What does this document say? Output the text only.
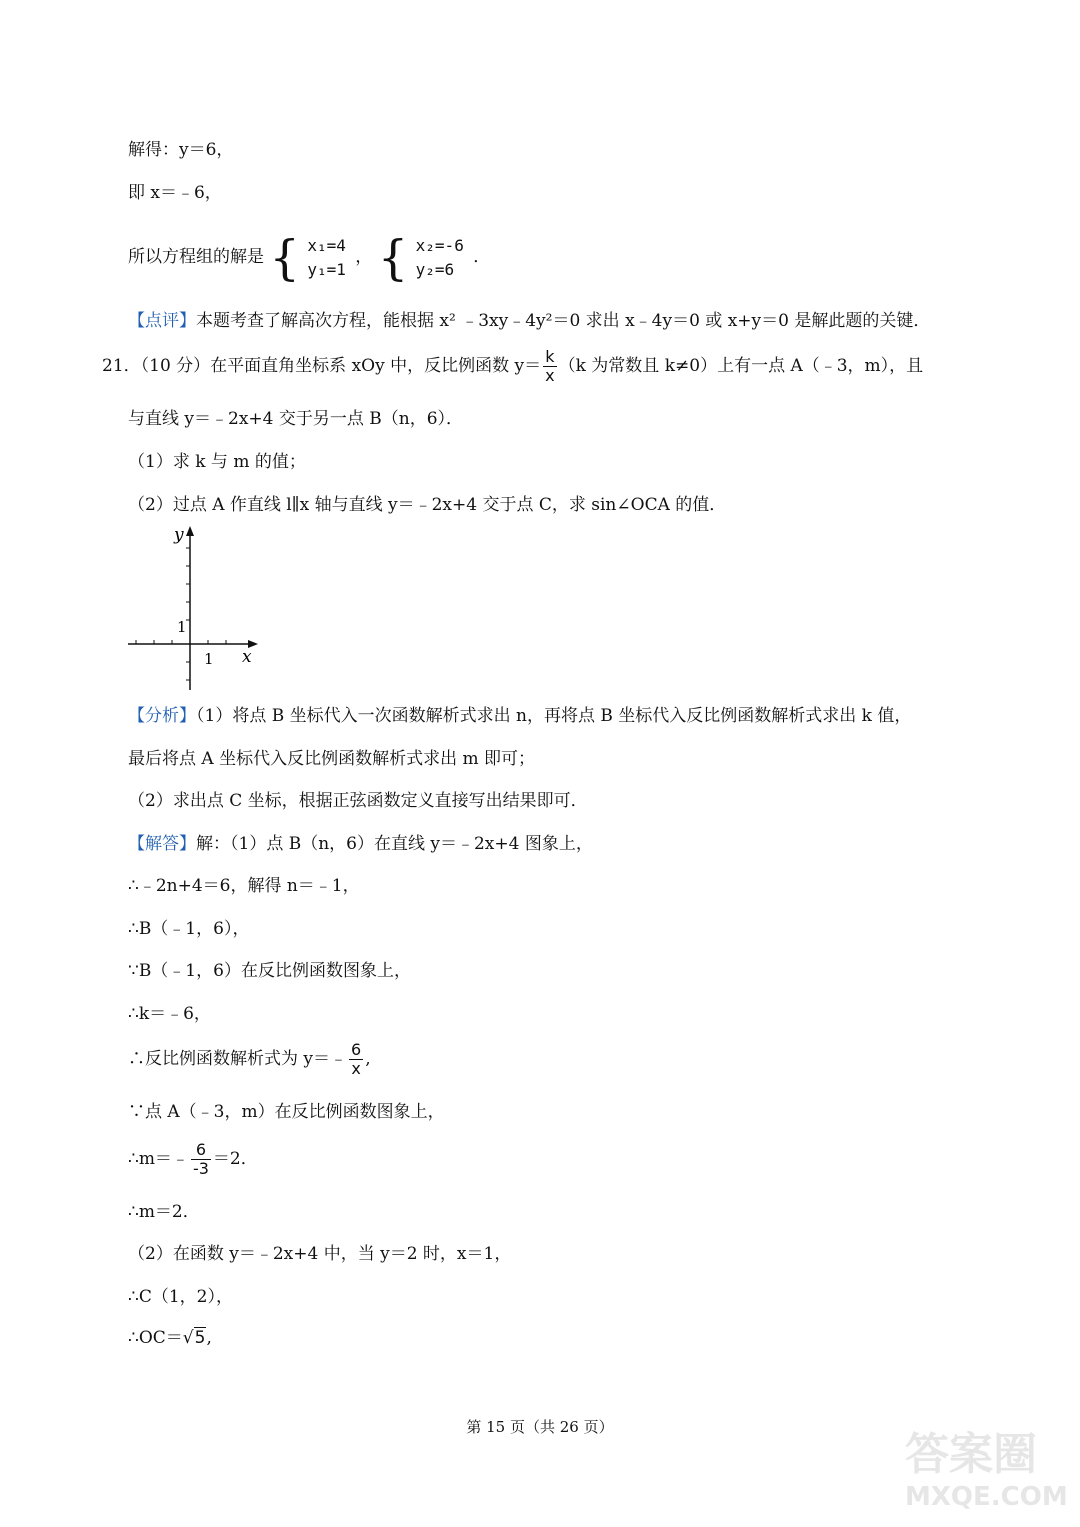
解得：y＝6，
即 x＝﹣6，
所以方程组的解是 { x₁=4
y₁=1
， { x₂=-6
y₂=6
．
【点评】本题考查了解高次方程，能根据 x² ﹣3xy﹣4y²＝0 求出 x﹣4y＝0 或 x+y＝0 是解此题的关键．
21．（10 分）在平面直角坐标系 xOy 中，反比例函数 $y= \frac{k}{x} (k$ 为常数且 k≠0）上有一点 A（﹣3，m），且
与直线 y＝﹣2x+4 交于另一点 B（n，6）．
（1）求 k 与 m 的值；
（2）过点 A 作直线 l∥x 轴与直线 y＝﹣2x+4 交于点 C，求 sin∠OCA 的值．
y
x
1
1
【分析】（1）将点 B 坐标代入一次函数解析式求出 n，再将点 B 坐标代入反比例函数解析式求出 k 值，
最后将点 A 坐标代入反比例函数解析式求出 m 即可；
（2）求出点 C 坐标，根据正弦函数定义直接写出结果即可．
【解答】解：（1）点 B（n，6）在直线 y＝﹣2x+4 图象上，
∴﹣2n+4＝6，解得 n＝﹣1，
∴B（﹣1，6），
∵B（﹣1，6）在反比例函数图象上，
∴k＝﹣6，
∴反比例函数解析式为 y＝﹣ $\frac{6}{x}$ ,
∵点 A（﹣3，m）在反比例函数图象上，
∴m＝﹣ $\frac{6}{-3} =2$．
∴m＝2．
（2）在函数 y＝﹣2x+4 中，当 y＝2 时，x＝1，
∴C（1，2），
∴OC＝√5,
第 15 页（共 26 页）
答案圈
MXQE.COM
